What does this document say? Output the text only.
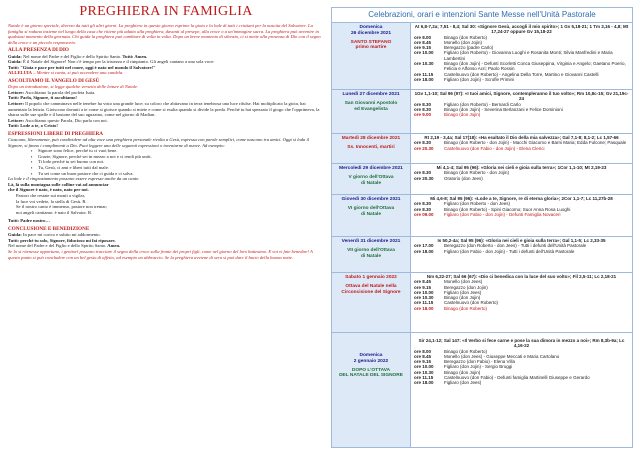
PREGHIERA IN FAMIGLIA

Natale è un giorno speciale, diverso da tutti gli altri giorni. La preghiera in questo giorno esprime la gioia e la lode di tutti i cristiani per la nascita del Salvatore. La famiglia si raduna insieme nel luogo della casa che ritiene più adatto alla preghiera, davanti al presepe, alla croce o a un'immagine sacra. La preghiera può avvenire in qualsiasi momento della giornata. Chi guida la preghiera può cambiare di volta in volta. Dopo un breve momento di silenzio, ci si mette alla presenza di Dio con il segno della croce e un piccolo responsorio.

ALLA PRESENZA DI DIO

Guida: Nel nome del Padre e del Figlio e dello Spirito Santo. Tutti: Amen.

Guida: È il Natale del Signore! Non c'è tempo per la tristezza e il rimpianto. Gli angeli cantano a una sola voce:

Tutti: "Gioia e pace per tutti nel cuore, oggi è nato nel mondo il Salvatore!"

ALLELUIA – Mentre si canta, si può accendere una candela.

ASCOLTIAMO IL VANGELO DI GESÙ

Dopo un introduzione, si legge qualche versetto delle letture di Natale.

Lettore: Ascoltiamo la parola del profeta Isaia.

Tutti: Parla, Signore, ti ascoltiamo!

Lettore: Il popolo che camminava nelle tenebre ha visto una grande luce; su coloro che abitavano in terra tenebrosa una luce rifulse. Hai moltiplicato la gioia, hai aumentato la letizia. Gioiscono davanti a te come si gioisce quando si miete e come si esulta quando si divide la preda. Perché tu hai spezzato il giogo che l'opprimeva, la sbarra sulle sue spalle e il bastone del suo aguzzino, come nel giorno di Madian.

Lettore: Ascoltiamo questo Parola, Dio parla con noi.

Tutti: Lode a te, o Cristo!

ESPRESSIONI LIBERE DI PREGHIERA

Ciascuno, liberamente, può condividere ad alta voce una preghiera personale rivolta a Gesù, espressa con parole semplici, come nascono tra amici. Oggi si loda il Signore, si fanno i complimenti a Dio. Puoi leggere una delle seguenti espressioni o inventarne di nuove. Ad esempio:

▪ Signore sono felice, perché tu ci vuoi bene.
▪ Grazie, Signore, perché sei in mezzo a noi e ci rendi più uniti.
▪ Ti lodo perché tu sei buono con noi.
▪ Tu, Gesù, ci ami e liberi tutti dal male.
▪ Tu sei come un buon pastore che ci guida e ci salva.

La lode e il ringraziamento possono essere espresse anche da un canto

Là, là sulla montagna sulle colline vai ad annunciar

che il Signore è nato, è nato, nato per noi.

Pastori che restate sui monti a vigilar,
la luce voi vedete, la stella di Gesù. R.

Se il nostro canto è immenso, pastore non tremar;
noi angeli cantiamo: è nato il Salvator. R.

Tutti: Padre nostro…

CONCLUSIONE E BENEDIZIONE

Guida: In pace mi corico e subito mi addormento.

Tutti: perché tu solo, Signore, fiducioso mi fai riposare.

Nel nome del Padre e del Figlio e dello Spirito Santo. Amen.

Se lo si ritenesse opportuno, i genitori possono tracciare il segno della croce sulla fronte dei propri figli, come nel giorno del loro battesimo. E voi vi fate benedire! A questo punto si può concludere con un bel gesto di affetto, ad esempio un abbraccio. Se la preghiera avviene di sera si può dare il bacio della buona notte.

Celebrazioni, orari e intenzioni Sante Messe nell'Unità Pastorale
Domenica
26 dicembre 2021
SANTO STEFANO
primo martire
At 6,8-7,2a; 7,51 - 8,4; Sal 30: «Signore Gesù, accogli il mio spirito»; 1 Gv 5,18-21; 1 Tm 3,16 - 4,8; Mt 17,24-27 oppure Gv 15,18-22
ore 8.00	Binago (don Roberto)
ore 8.45	Monello (don Jojin)
ore 9.15	Beregazzo (padre Carlo)
ore 10.00	Figliaro (don Roberto) - Giovanna Luoghi e Rosanita Monti; Silvia Manfredini e Maria Lambertini
ore 10.30	Binago (don Jojin) - Defunti Scorletti Conca Giuseppina, Virginia e Angelo; Gaetano Poerio, Felicia e Alfonso Acri; Paolo Rossin
ore 11.15	Castelnuovo (don Roberto) - Angelina Della Torre, Martino e Giovanni Castelli
ore 18.00	Figliaro (don Jojin) - Scrofle Primini
Lunedì 27 dicembre 2021
San Giovanni Apostolo
ed Evangelista
1Gv 1,1-10; Sal 96 (97): «I tuoi amici, Signore, contempleranno il tuo volto»; Rm 10,8c-15; Gv 21,19c-24
ore 8.30	Figliaro (don Roberto) - Bernardi Carlo
ore 8.30	Binago (don Jojin) - Severina Berlanzani e Felice Dominioni
ore 9.00	Binago (don Jojin)
Martedì 28 dicembre 2021
Ss. Innocenti, martiri
Rt 2,19 - 3,4a; Sal 17(18): «Ha esaltato il Dio della mia salvezza»; Gal 7,1-8; 8,1-2; Lc 1,57-66
ore 8.30	Binago (don Roberto - don Jojin) - Macchi Giacomo e Barni Maria; Edda Fulcone; Pasquale
ore 20.30	Castelnuovo (don Fabio - don Jojin) - Elena Clerici
Mercoledì 29 dicembre 2021
V giorno dell'Ottava
di Natale
Mi 4,1-4; Sal 95 (96): «Gloria nei cieli e gioia sulla terra»; 1Cor 1,1-10; Mt 2,19-23
ore 8.30	Binago (don Roberto - don Jojin)
ore 20.30	Oratorio (don Jees)
Giovedì 30 dicembre 2021
VI giorno dell'Ottava
di Natale
Mi 4,6-8; Sal 95 (96): «Lode a te, Signore, re di eterna gloria»; 2Cor 1,1-7; Lc 11,27b-28
ore 8.30	Figliaro (don Roberto - don Jees)
ore 8.30	Binago (don Roberto) - Spini Giacomo; Suor Anna Rosa Luoghi
ore 09.00	Figliaro (don Fabio - don Jojin) - Defunti Famiglia Novaceri
Venerdì 31 dicembre 2021
VII giorno dell'Ottava
di Natale
Is 50,2-4a; Sal 95 (96): «Gloria nei cieli e gioia sulla terra»; Gal 1,1-5; Lc 2,33-35
ore 17.00	Beregazzo (don Roberto - don Jees) - Tutti i defunti dell'Unità Pastorale
ore 18.00	Figliaro (don Fabio - don Jojin) - Tutti i defunti dell'Unità Pastorale
Sabato 1 gennaio 2022
Ottava del Natale nella
Circoncisione del Signore
Nm 6,22-27; Sal 66 (67): «Dio ci benedica con la luce del suo volto»; Fil 2,5-11; Lc 2,18-21
ore 8.45	Monello (don Jees)
ore 9.15	Beregazzo (don Jojin)
ore 10.00	Figliaro (don Jees)
ore 10.30	Binago (don Jojin)
ore 11.15	Castelnuovo (don Roberto)
ore 18.00	Binago (don Roberto)
Domenica
2 gennaio 2022
DOPO L'OTTAVA
DEL NATALE DEL SIGNORE
Sir 24,1-12; Sal 147: «Il Verbo si fece carne e pose la sua dimora in mezzo a noi»; Rm 8,3b-9a; Lc 4,16-22
ore 8.00	Binago (don Roberto)
ore 8.45	Monello (don Jees) - Giuseppe Meccati e Maria Cartolano
ore 9.15	Beregazzo (don Fabio) - Elena Villa
ore 10.00	Figliaro (don Jojin) - Sergio Broggi
ore 10.30	Binago (don Jojin)
ore 11.15	Castelnuovo (don Fabio) - Defunti famiglia Martinelli Giuseppe e Gerardo
ore 18.00	Figliaro (don Jees)
